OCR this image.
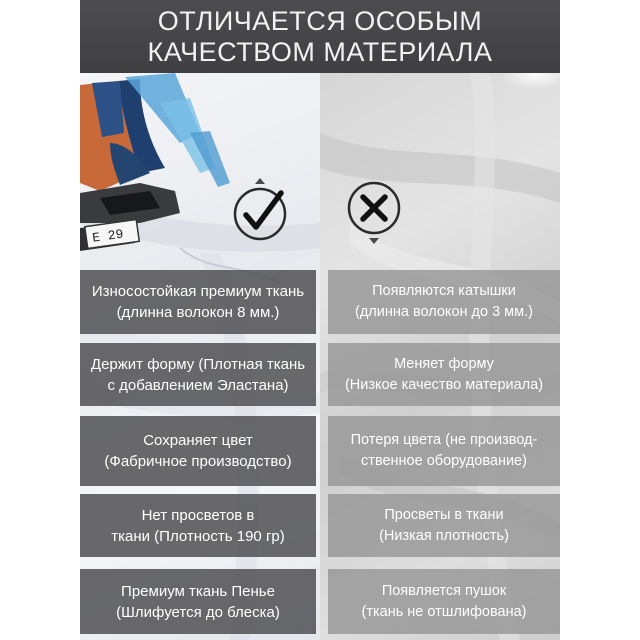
E 29
ОТЛИЧАЕТСЯ ОСОБЫМ
КАЧЕСТВОМ МАТЕРИАЛА
Износостойкая премиум ткань
(длинна волокон 8 мм.)
Держит форму (Плотная ткань
с добавлением Эластана)
Сохраняет цвет
(Фабричное производство)
Нет просветов в
ткани (Плотность 190 гр)
Премиум ткань Пенье
(Шлифуется до блеска)
Появляются катышки
(длинна волокон до 3 мм.)
Меняет форму
(Низкое качество материала)
Потеря цвета (не производ-
ственное оборудование)
Просветы в ткани
(Низкая плотность)
Появляется пушок
(ткань не отшлифована)
